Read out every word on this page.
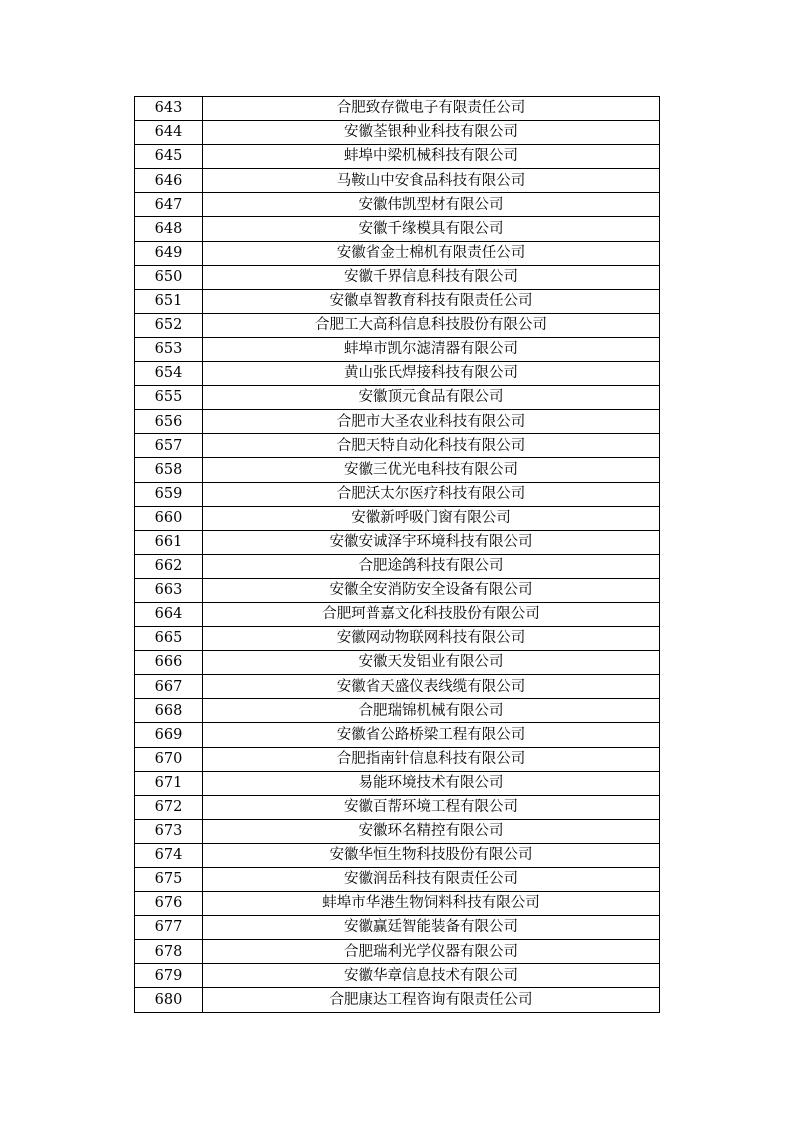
643	合肥致存微电子有限责任公司
644	安徽荃银种业科技有限公司
645	蚌埠中梁机械科技有限公司
646	马鞍山中安食品科技有限公司
647	安徽伟凯型材有限公司
648	安徽千缘模具有限公司
649	安徽省金士棉机有限责任公司
650	安徽千界信息科技有限公司
651	安徽卓智教育科技有限责任公司
652	合肥工大高科信息科技股份有限公司
653	蚌埠市凯尔滤清器有限公司
654	黄山张氏焊接科技有限公司
655	安徽顶元食品有限公司
656	合肥市大圣农业科技有限公司
657	合肥天特自动化科技有限公司
658	安徽三优光电科技有限公司
659	合肥沃太尔医疗科技有限公司
660	安徽新呼吸门窗有限公司
661	安徽安诚泽宇环境科技有限公司
662	合肥途鸽科技有限公司
663	安徽全安消防安全设备有限公司
664	合肥珂普嘉文化科技股份有限公司
665	安徽网动物联网科技有限公司
666	安徽天发铝业有限公司
667	安徽省天盛仪表线缆有限公司
668	合肥瑞锦机械有限公司
669	安徽省公路桥梁工程有限公司
670	合肥指南针信息科技有限公司
671	易能环境技术有限公司
672	安徽百帮环境工程有限公司
673	安徽环名精控有限公司
674	安徽华恒生物科技股份有限公司
675	安徽润岳科技有限责任公司
676	蚌埠市华港生物饲料科技有限公司
677	安徽赢廷智能装备有限公司
678	合肥瑞利光学仪器有限公司
679	安徽华章信息技术有限公司
680	合肥康达工程咨询有限责任公司
